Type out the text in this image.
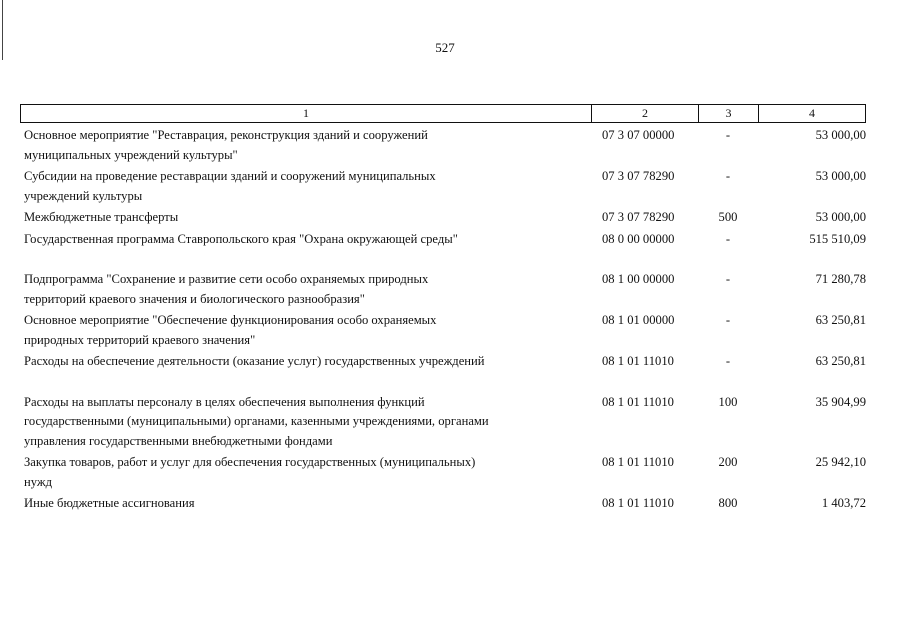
527
1	2	3	4
Основное мероприятие "Реставрация, реконструкция зданий и сооружений
муниципальных учреждений культуры"
07 3 07 00000	-	53 000,00
Субсидии на проведение реставрации зданий и сооружений муниципальных
учреждений культуры
07 3 07 78290	-	53 000,00
Межбюджетные трансферты	07 3 07 78290	500	53 000,00
Государственная программа Ставропольского края "Охрана окружающей среды"	08 0 00 00000	-	515 510,09
Подпрограмма "Сохранение и развитие сети особо охраняемых природных
территорий краевого значения и биологического разнообразия"
08 1 00 00000	-	71 280,78
Основное мероприятие "Обеспечение функционирования особо охраняемых
природных территорий краевого значения"
08 1 01 00000	-	63 250,81
Расходы на обеспечение деятельности (оказание услуг) государственных учреждений	08 1 01 11010	-	63 250,81
Расходы на выплаты персоналу в целях обеспечения выполнения функций
государственными (муниципальными) органами, казенными учреждениями, органами
управления государственными внебюджетными фондами
08 1 01 11010	100	35 904,99
Закупка товаров, работ и услуг для обеспечения государственных (муниципальных)
нужд
08 1 01 11010	200	25 942,10
Иные бюджетные ассигнования	08 1 01 11010	800	1 403,72
